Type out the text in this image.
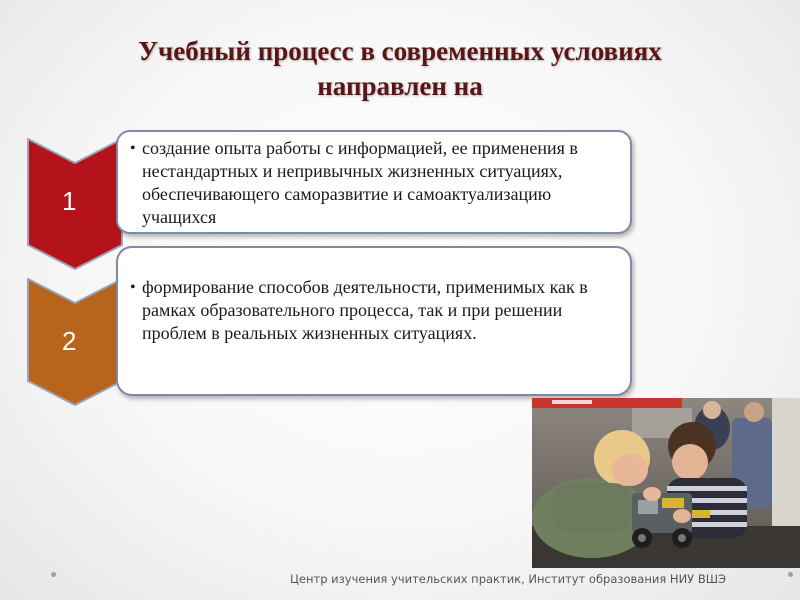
Учебный процесс в современных условиях
направлен на
1
2
• создание опыта работы с информацией, ее применения в нестандартных и непривычных жизненных ситуациях, обеспечивающего саморазвитие и самоактуализацию учащихся
• формирование способов деятельности, применимых как в рамках образовательного процесса, так и при решении проблем в реальных жизненных ситуациях.
Центр изучения учительских практик, Институт образования НИУ ВШЭ
